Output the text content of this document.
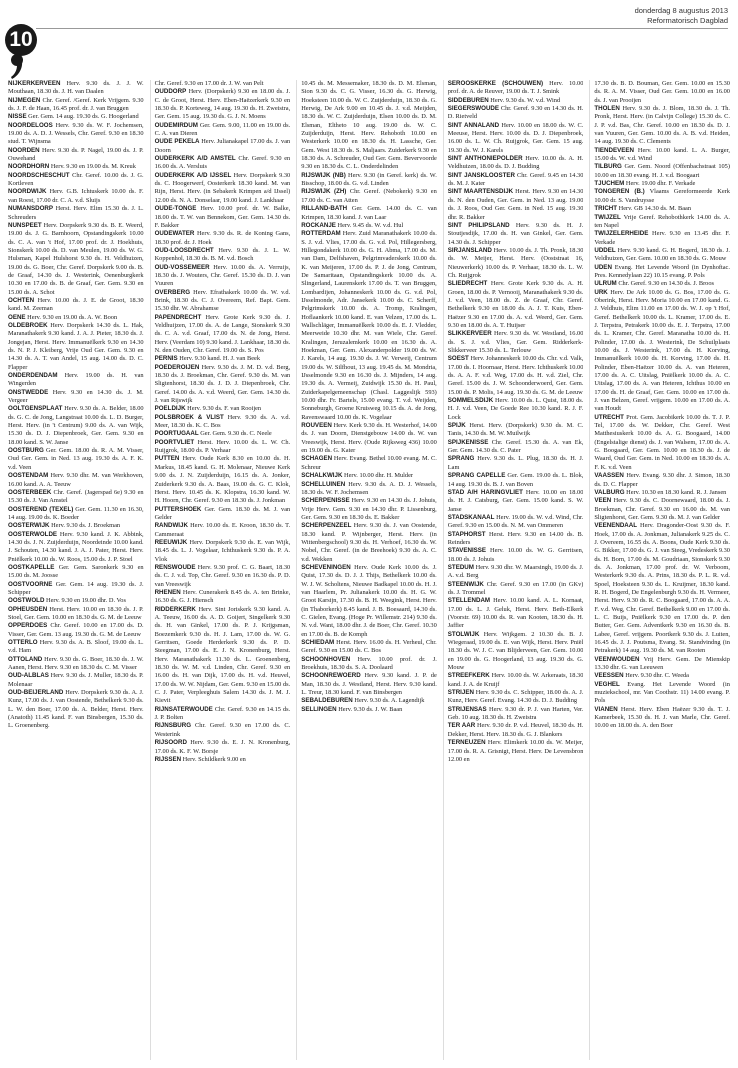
10
donderdag 8 augustus 2013
Reformatorisch Dagblad
NIJKERKERVEEN Herv. 9.30 ds. J. J. W. Mouthaan, 18.30 ds. J. H. van Daalen
NIJMEGEN Chr. Geref. /Geref. Kerk Vrijgem. 9.30 ds. J. F. de Haan, 16.45 prof. dr. J. van Bruggen
NISSE Ger. Gem. 14 aug. 19.30 ds. G. Hoogerland
NOORDELOOS Herv. 9.30 ds. W. F. Jochemsen, 19.00 ds. A. D. J. Wessels, Chr. Geref. 9.30 en 18.30 stud. T. Wijnsma
NOORDEN Herv. 9.30 ds. P. Nagel, 19.00 ds. J. P. Ouwehand
NOORDHORN Herv. 9.30 en 19.00 ds. M. Kreuk
NOORDSCHESCHUT Chr. Geref. 10.00 ds. J. G. Kortleven
NOORDWIJK Herv. G.B. Ichtuskerk 10.00 ds. F. van Roest, 17.00 dr. C. A. v.d. Sluijs
NUMANSDORP Herst. Herv. Elim 15.30 ds. J. L. Schreuders
NUNSPEET Herv. Dorpskerk 9.30 ds. B. E. Weerd, 19.00 ds. J. G. Barnhoorn, Opstandingskerk 10.00 ds. C. A. van 't Hof, 17.00 prof. dr. J. Hoekhuis, Sionskerk 10.00 ds. D. van Meulen, 19.00 ds. W. G. Hulsman, Kapel Hulshorst 9.30 ds. H. Veldhuizen, 19.00 ds. G. Boer, Chr. Geref. Dorpskerk 9.00 ds. B. de Graaf, 14.30 ds. J. Westerink, Oenenburgkerk 10.30 en 17.00 ds. B. de Graaf, Ger. Gem. 9.30 en 15.00 ds. A. Schot
OCHTEN Herv. 10.00 ds. J. E. de Groot, 18.30 kand. M. Zeeman
OENE Herv. 9.30 en 19.00 ds. A. W. Boon
OLDEBROEK Herv. Dorpskerk 14.30 ds. L. Hak, Maranathakerk 9.30 kand. J. A. J. Pieter, 18.30 ds. J. Jongejan, Herst. Herv. Immanuëlkerk 9.30 en 14.30 ds. N. P. J. Kleiberg, Vrije Oud Ger. Gem. 9.30 en 14.30 ds. A. T. van Andel, 15 aug. 14.00 ds. D. C. Flapper
ONDERDENDAM Herv. 19.00 ds. H. van Wingerden
ONSTWEDDE Herv. 9.30 en 14.30 ds. J. M. Vergeer
OOLTGENSPLAAT Herv. 9.30 ds. A. Belder, 18.00 ds. G. C. de Jong, Langstraat 10.00 ds. L. D. Burger, Herst. Herv. (in 't Centrum) 9.00 ds. A. van Wijk, 15.30 ds. D. J. Diepenbroek, Ger. Gem. 9.30 en 18.00 kand. S. W. Janse
OOSTBURG Ger. Gem. 18.00 ds. R. A. M. Visser, Oud Ger. Gem. in Ned. 13 aug. 19.30 ds. A. F. K. v.d. Veen
OOSTENDAM Herv. 9.30 dhr. M. van Werkhoven, 16.00 kand. A. A. Teeuw
OOSTERBEEK Chr. Geref. (Jagerspad 6e) 9.30 en 15.30 ds. J. Van Amstel
OOSTEREND (TEXEL) Ger. Gem. 11.30 en 16.30, 14 aug. 19.00 ds. K. Boeder
OOSTERWIJK Herv. 9.30 ds. J. Broekman
OOSTERWOLDE Herv. 9.30 kand. J. K. Abbink, 14.30 ds. J. N. Zuijderduijn, Noordeinde 10.00 kand. J. Schouten, 14.30 kand. J. A. J. Pater, Herst. Herv. Pniëlkerk 10.00 ds. W. Roos, 15.00 ds. J. P. Stoel
OOSTKAPELLE Ger. Gem. Saronkerk 9.30 en 15.00 ds. M. Joosse
OOSTVOORNE Ger. Gem. 14 aug. 19.30 ds. J. Schipper
OOSTWOLD Herv. 9.30 en 19.00 dhr. D. Vos
OPHEUSDEN Herst. Herv. 10.00 en 18.30 ds. J. P. Stoel, Ger. Gem. 10.00 en 18.30 ds. G. M. de Leeuw
OPPERDOES Chr. Geref. 10.00 en 17.00 ds. D. Visser, Ger. Gem. 13 aug. 19.30 ds. G. M. de Leeuw
OTTERLO Herv. 9.30 ds. A. B. Sloof, 19.00 ds. L. v.d. Ham
OTTOLAND Herv. 9.30 ds. G. Boer, 18.30 ds. J. W. Aanen, Herst. Herv. 9.30 en 18.30 ds. C. M. Visser
OUD-ALBLAS Herv. 9.30 ds. J. Muller, 18.30 ds. P. Molenaar
OUD-BEIJERLAND Herv. Dorpskerk 9.30 ds. A. J. Kunz, 17.00 ds. J. van Oostende, Bethelkerk 9.30 ds. L. W. den Boer, 17.00 ds. A. Belder, Herst. Herv. (Anatoth) 11.45 kand. F. van Binsbergen, 15.30 ds. L. Groenenberg.
Chr. Geref. 9.30 en 17.00 dr. J. W. van Pelt
OUDDORP Herv. (Dorpskerk) 9.30 en 18.00 ds. J. C. de Groot, Herst. Herv. Eben-Haëzerkerk 9.30 en 18.30 ds. P. Korteweg, 14 aug. 19.30 ds. H. Zweistra, Ger. Gem. 15 aug. 19.30 ds. G. J. N. Moens
OUDEMIRDUM Ger. Gem. 9.00, 11.00 en 19.00 ds. C. A. van Dieren
OUDE PEKELA Herv. Julianakapel 17.00 ds. J. van Doorn
OUDERKERK A/D AMSTEL Chr. Geref. 9.30 en 16.00 ds. A. Versluis
OUDERKERK A/D IJSSEL Herv. Dorpskerk 9.30 ds. C. Hoogerwerf, Oosterkerk 18.30 kand. M. van Rijn, Herst. Herv. (in Sebakerk Krimpen a/d IJssel) 12.00 ds. N. A. Donselaar, 19.00 kand. J. Lankhaar
OUDE-TONGE Herv. 10.00 prof. dr. W. Balke, 18.00 ds. T. W. van Bennekom, Ger. Gem. 14.30 ds. F. Bakker
OUDEWATER Herv. 9.30 ds. R. de Koning Gans, 18.30 prof. dr. J. Hoek
OUD-LOOSDRECHT Herv. 9.30 ds. J. L. W. Koppenhol, 18.30 ds. B. M. v.d. Bosch
OUD-VOSSEMEER Herv. 10.00 ds. A. Verruijs, 18.30 ds. J. Wouters, Chr. Geref. 15.30 ds. D. J. van Vuuren
OVERBERG Herv. Efrathakerk 10.00 ds. W. v.d. Brink, 18.30 ds. C. J. Overeem, Ref. Bapt. Gem. 15.30 dhr. W. Abrahamse
PAPENDRECHT Herv. Grote Kerk 9.30 ds. J. Veldhuijzen, 17.00 ds. A. de Lange, Sionskerk 9.30 ds. C. A. v.d. Graaf, 17.00 ds. N. de Jong, Herst. Herv. (Veerdam 10) 9.30 kand. J. Lankhaar, 18.30 ds. N. den Ouden, Chr. Geref. 19.00 ds. S. Pos
PERNIS Herv. 9.30 kand. H. J. van Beek
POEDEROIJEN Herv. 9.30 ds. J. M. D. v.d. Berg, 18.30 ds. J. Broekman, Chr. Geref. 9.30 ds. M. van Sligtenhorst, 18.30 ds. J. D. J. Diepenbroek, Chr. Geref. 14.00 ds. A. v.d. Weerd, Ger. Gem. 14.30 ds. J. van Rijswijk
POELDIJK Herv. 9.30 ds. F. van Rooijen
POLSBROEK & VLIST Herv. 9.30 ds. A. v.d. Meer, 18.30 ds. K. C. Bos
POORTUGAAL Ger. Gem. 9.30 ds. C. Neele
POORTVLIET Herst. Herv. 10.00 ds. L. W. Ch. Ruijgrok, 18.00 ds. P. Verhaar
PUTTEN Herv. Oude Kerk 8.30 en 10.00 ds. H. Markus, 18.45 kand. G. H. Molenaar, Nieuwe Kerk 9.00 ds. J. N. Zuijderduijn, 16.15 ds. A. Jonker, Zuiderkerk 9.30 ds. A. Baas, 19.00 ds. G. C. Klok, Herst. Herv. 10.45 ds. K. Klopstra, 16.30 kand. W. H. Hoorn, Chr. Geref. 9.30 en 18.30 ds. J. Jonkman
PUTTERSHOEK Ger. Gem. 18.30 ds. M. J. van Gelder
RANDWIJK Herv. 10.00 ds. E. Kroon, 18.30 ds. T. Cammeraat
REEUWIJK Herv. Dorpskerk 9.30 ds. E. van Wijk, 18.45 ds. L. J. Vogelaar, Ichthuskerk 9.30 ds. P. A. Vlok
RENSWOUDE Herv. 9.30 prof. C. G. Baart, 18.30 ds. C. J. v.d. Top, Chr. Geref. 9.30 en 16.30 ds. P. D. van Vreeswijk
RHENEN Herv. Cunerakerk 8.45 ds. A. ten Brinke, 16.30 ds. G. J. Hiensch
RIDDERKERK Herv. Sint Joriskerk 9.30 kand. A. A. Teeuw, 16.00 ds. A. D. Goijert, Singelkerk 9.30 ds. H. van Ginkel, 17.00 ds. P. J. Krijgsman, Boezemkerk 9.30 ds. H. J. Lam, 17.00 ds. W. G. Gerritsen, Goede Herderkerk 9.30 ds. P. D. Steegman, 17.00 ds. E. J. N. Kronenburg, Herst. Herv. Maranathakerk 11.30 ds. L. Groenenberg, 18.30 ds. W. M. v.d. Linden, Chr. Geref. 9.30 en 16.00 ds. H. van Dijk, 17.00 ds. H. v.d. Heuvel, 17.00 ds. W. W. Nijdam, Ger. Gem. 9.30 en 15.00 ds. C. J. Pater, Verpleeghuis Salem 14.30 ds. J. M. J. Kievit
RIJNSATERWOUDE Chr. Geref. 9.30 en 14.15 ds. J. P. Bolten
RIJNSBURG Chr. Geref. 9.30 en 17.00 ds. C. Westerink
RIJSOORD Herv. 9.30 ds. E. J. N. Kronenburg, 17.00 ds. K. F. W. Borsje
RIJSSEN Herv. Schildkerk 9.00 en
10.45 ds. M. Messemaker, 18.30 ds. D. M. Elsman, Sion 9.30 ds. C. G. Visser, 16.30 ds. G. Herwig, Hoeksteen 10.00 ds. W. C. Zuijderduijn, 18.30 ds. G. Herwig, De Ark 9.00 en 10.45 ds. J. v.d. Meijden, 18.30 ds. W. C. Zuijderduijn, Elsen 10.00 ds. D. M. Elsman, Eltheto 10 aug. 19.00 ds. W. C. Zuijderduijn, Herst. Herv. Rehoboth 10.00 en Westerkerk 10.00 en 18.30 ds. H. Lassche, Ger. Gem. West 18.30 ds. S. Maljaars. Zuiderkerk 9.30 en 18.30 ds. A. Schreuder, Oud Ger. Gem. Bevervoorde 9.30 en 18.30 ds. C. L. Onderdelinden
RIJSWIJK (NB) Herv. 9.30 (in Geref. kerk) ds. W. Bisschop, 18.00 ds. G. v.d. Linden
RIJSWIJK (ZH) Chr. Geref. (Nebokerk) 9.30 en 17.00 ds. C. van Atten
RILLAND-BATH Ger. Gem. 14.00 ds. C. van Krimpen, 18.30 kand. J. van Laar
ROCKANJE Herv. 9.45 ds. W. v.d. Hul
ROTTERDAM Herv. Zuid Maranathakerk 10.00 ds. S. J. v.d. Vlies, 17.00 ds. G. v.d. Pol, Hillegersberg, Hillegondakerk 10.00 ds. G. H. Abma, 17.00 ds. M. van Dam, Delfshaven, Pelgrimvaderskerk 10.00 ds. K. van Meijeren, 17.00 ds. P. J. de Jong, Centrum, De Samaritaan, Opstandingskerk 10.00 ds. A. Slingerland, Laurenskerk 17.00 ds. T. van Bruggen, Lombardijen, Johanneskerk 10.00 ds. G. v.d. Pol, IJsselmonde, Adr. Jansekerk 10.00 ds. C. Scherff, Pelgrimskerk 10.00 ds. A. Tromp, Kralingen, Hoflaankerk 10.00 kand. E. van Velzen, 17.00 ds. L. Wallschläger, Immanuëlkerk 10.00 ds. E. J. Vledder, Meerweide 10.30 dhr. M. van Wiele, Chr. Geref. Kralingen, Jeruzalemkerk 10.00 en 16.30 ds. A. Hoekman, Ger. Gem. Alexanderpolder 19.00 ds. W. J. Karels, 14 aug. 19.30 ds. J. W. Verweij, Centrum 19.00 ds. W. Silfhout, 13 aug. 19.45 ds. M. Mondria, IJsselmonde 9.30 en 16.30 ds. J. Mijnders, 14 aug. 19.30 ds. A. Vermeij, Zuidwijk 15.30 ds. H. Paul, Zuiderkapelgemeenschap (Chasl. Laggeslijk 593) 10.00 dhr. Fr. Bartels, 15.00 evang. T. v.d. Weijden, Sonneburgh, Groene Kruisweg 10.15 ds. A. de Jong, Ravenswaard 10.00 ds. K. Vogelaar
ROUVEEN Herv. Kerk 9.30 ds. H. Westerhof, 14.00 ds. J. van Doorn, Dienstgebouw 14.00 ds. W. van Vreeswijk, Herst. Herv. (Oude Rijksweg 436) 10.00 en 19.00 ds. G. Kater
SCHAGEN Herv. Evang. Bethel 10.00 evang. M. C. Schreur
SCHALKWIJK Herv. 10.00 dhr. H. Mulder
SCHELLUINEN Herv. 9.30 ds. A. D. J. Wessels, 18.30 ds. W. F. Jochemsen
SCHERPENISSE Herv. 9.30 en 14.30 ds. J. Johuis, Vrije Herv. Gem. 9.30 en 14.30 dhr. P. Lissenburg, Ger. Gem. 9.30 en 18.30 ds. E. Bakker
SCHERPENZEEL Herv. 9.30 ds. J. van Oostende, 18.30 kand. P. Wijnberger, Herst. Herv. (in Wittenbergschool) 9.30 ds. H. Verhoef, 16.30 ds. W. Nobel, Chr. Geref. (in de Breehoek) 9.30 ds. A. C. v.d. Wekken
SCHEVENINGEN Herv. Oude Kerk 10.00 ds. J. Quist, 17.30 ds. D. J. J. Thijs, Bethelkerk 10.00 ds. W. J. W. Scholtens, Nieuwe Badkapel 10.00 ds. H. J. van Haarlem, Pr. Julianakerk 10.00 ds. H. G. W. Groot Karsijn, 17.30 ds. B. H. Weegink, Herst. Herv. (in Thaborkerk) 8.45 kand. J. B. Boesaard, 14.30 ds. C. Gielen, Evang. (Hoge Pr. Willemstr. 214) 9.30 ds. N. v.d. Want, 18.00 dhr. J. de Boer, Chr. Geref. 10.30 en 17.00 ds. B. de Komph
SCHIEDAM Herst. Herv. 16.00 ds. H. Verheul, Chr. Geref. 9.30 en 15.00 ds. C. Bos
SCHOONHOVEN Herv. 10.00 prof. dr. J. Broekhuis, 18.30 ds. S. A. Doolaard
SCHOONREWOERD Herv. 9.30 kand. J. P. de Man, 18.30 ds. J. Westland, Herst. Herv. 9.30 kand. L. Treur, 18.30 kand. F. van Binsbergen
SEBALDEBUREN Herv. 9.30 ds. A. Lagendijk
SELLINGEN Herv. 9.30 ds. J. W. Baan
SEROOSKERKE (SCHOUWEN) Herv. 10.00 prof. dr. A. de Reuver, 19.00 ds. T. J. Smink
SIDDEBUREN Herv. 9.30 ds. W. v.d. Wind
SIEGERSWOUDE Chr. Geref. 9.30 en 14.30 ds. H. D. Rietveld
SINT ANNALAND Herv. 10.00 en 18.00 ds. W. C. Meeuse, Herst. Herv. 10.00 ds. D. J. Diepenbroek, 16.00 ds. L. W. Ch. Ruijgrok, Ger. Gem. 15 aug. 19.30 ds. W. J. Karels
SINT ANTHONIEPOLDER Herv. 10.00 ds. A. H. Veldhuizen, 18.00 ds. D. J. Budding
SINT JANSKLOOSTER Chr. Geref. 9.45 en 14.30 ds. M. J. Kater
SINT MAARTENSDIJK Herst. Herv. 9.30 en 14.30 ds. N. den Ouden, Ger. Gem. in Ned. 13 aug. 19.00 ds. J. Roos, Oud Ger. Gem. in Ned. 15 aug. 19.30 dhr. R. Bakker
SINT PHILIPSLAND Herv. 9.30 ds. H. J. Stoutjesdijk, 17.00 ds. H. van Ginkel, Ger. Gem. 14.30 ds. J. Schipper
SIRJANSLAND Herv. 10.00 ds. J. Th. Pronk, 18.30 ds. W. Meijer, Herst. Herv. (Ooststraat 16, Nieuwerkerk) 10.00 ds. P. Verhaar, 18.30 ds. L. W. Ch. Ruijgrok
SLIEDRECHT Herv. Grote Kerk 9.30 ds. A. H. Groen, 18.00 ds. P. Vernooij, Maranathakerk 9.30 ds. J. v.d. Veen, 18.00 ds. Z. de Graaf, Chr. Geref. Bethelkerk 9.30 en 18.00 ds. A. J. T. Kuis, Eben-Haëzer 9.30 en 17.00 ds. A. v.d. Weerd, Ger. Gem. 9.30 en 18.00 ds. A. T. Huijser
SLIKKERVEER Herv. 9.30 ds. W. Westland, 16.00 ds. S. J. v.d. Vlies, Ger. Gem. Ridderkerk-Slikkerveer 15.30 ds. L. Terlouw
SOEST Herv. Johanneskerk 10.00 ds. Chr. v.d. Valk, 17.00 ds. I. Hoornaar, Herst. Herv. Ichthuskerk 10.00 ds. A. A. F. v.d. Weg, 17.00 ds. H. v.d. Ziel, Chr. Geref. 15.00 ds. J. W. Schoonderwoerd, Ger. Gem. 15.00 ds. P. Molis, 14 aug. 19.30 ds. G. M. de Leeuw
SOMMELSDIJK Herv. 10.00 ds. L. Quist, 18.00 ds. H. J. v.d. Veen, De Goede Ree 10.30 kand. R. J. F. Lock
SPIJK Herst. Herv. (Dorpskerk) 9.30 ds. M. C. Tanis, 14.30 ds. M. W. Muilwijk
SPIJKENISSE Chr. Geref. 15.30 ds. A. van Ek, Ger. Gem. 14.30 ds. C. Pater
SPRANG Herv. 9.30 ds. L. Plug, 18.30 ds. H. J. Lam
SPRANG CAPELLE Ger. Gem. 19.00 ds. L. Blok, 14 aug. 19.30 ds. B. J. van Boven
STAD A/H HARINGVLIET Herv. 10.00 en 18.00 ds. H. J. Catsburg, Ger. Gem. 15.00 kand. S. W. Janse
STADSKANAAL Herv. 19.00 ds. W. v.d. Wind, Chr. Geref. 9.30 en 15.00 ds. N. M. van Ommeren
STAPHORST Herst. Herv. 9.30 en 14.00 ds. B. Reinders
STAVENISSE Herv. 10.00 ds. W. G. Gerritsen, 18.00 ds. J. Johuis
STEDUM Herv. 9.30 dhr. W. Maarsingh, 19.00 ds. J. A. v.d. Berg
STEENWIJK Chr. Geref. 9.30 en 17.00 (in GKv) ds. J. Trommel
STELLENDAM Herv. 10.00 kand. A. L. Kornaat, 17.00 ds. L. J. Geluk, Herst. Herv. Beth-Elkerk (Voorstr. 69) 10.00 ds. R. van Kooten, 18.30 ds. H. Jaffier
STOLWIJK Herv. Wijkgem. 2 10.30 ds. B. J. Wiegeraad, 19.00 ds. E. van Wijk, Herst. Herv. Pniël 18.30 ds. W. J. C. van Blijderveen, Ger. Gem. 10.00 en 19.00 ds. G. Hoogerland, 13 aug. 19.30 ds. G. Mouw
STREEFKERK Herv. 10.00 ds. W. Arkeraats, 18.30 kand. J. A. de Kruijf
STRIJEN Herv. 9.30 ds. C. Schipper, 18.00 ds. A. J. Kunz, Herv. Geref. Evang. 14.30 ds. D. J. Budding
STRIJENSAS Herv. 9.30 dr. P. J. van Harten, Ver. Geb. 10 aug. 18.30 ds. H. Zweistra
TER AAR Herv. 9.30 dr. P. v.d. Heuvel, 18.30 ds. H. Dekker, Herst. Herv. 18.30 ds. G. J. Blankers
TERNEUZEN Herv. Elimkerk 10.00 ds. W. Meijer, 17.00 ds. R. A. Grisnigt, Herst. Herv. De Levensbron 12.00 en
17.30 ds. B. D. Bouman, Ger. Gem. 10.00 en 15.30 ds. R. A. M. Visser, Oud Ger. Gem. 10.00 en 16.00 ds. J. van Prooijen
THOLEN Herv. 9.30 ds. J. Blom, 18.30 ds. J. Th. Pronk, Herst. Herv. (in Calvijn College) 15.30 ds. C. J. P. v.d. Bas, Chr. Geref. 10.00 en 18.30 ds. D. J. van Vuuren, Ger. Gem. 10.00 ds. A. B. v.d. Heiden, 14 aug. 19.30 ds. C. Clements
TIENDEVEEN Herv. 10.00 kand. L. A. Burger, 15.00 ds. W. v.d. Wind
TILBURG Ger. Gem. Noord (Offenbachstraat 105) 10.00 en 18.30 evang. H. J. v.d. Boogaart
TJUCHEM Herv. 19.00 dhr. F. Verkade
TONGEREN (B.) Vlaams Gereformeerde Kerk 10.00 dr. S. Vandruysse
TRICHT Herv. GB 14.30 ds. M. Baan
TWIJZEL Vrije Geref. Rehobothkerk 14.00 ds. A. ten Napel
TWIJZELERHEIDE Herv. 9.30 en 13.45 dhr. F. Verkade
UDDEL Herv. 9.30 kand. G. H. Bogerd, 18.30 ds. J. Veldhuizen, Ger. Gem. 10.00 en 18.30 ds. G. Mouw
UDEN Evang. Het Levende Woord (in Dynhoftac. Pres. Kennedylaan 22) 10.15 evang. P. Pols
ULRUM Chr. Geref. 9.30 en 14.30 ds. J. Broos
URK Herv. De Ark 10.00 ds. G. Bos, 17.00 ds. G. Oberink, Herst. Herv. Moria 10.00 en 17.00 kand. G. J. Veldhuis, Elim 11.00 en 17.00 ds. W. J. op 't Hof, Geref. Bethelkerk 10.00 ds. L. Kramer, 17.00 ds. E. J. Terpstra, Petrakerk 10.00 ds. E. J. Terpstra, 17.00 ds. L. Kramer, Chr. Geref. Maranatha 10.00 ds. H. Polinder, 17.00 ds. J. Westerink, De Schuilplaats 10.00 ds. J. Westerink, 17.00 ds. H. Korving, Immanuëlkerk 10.00 ds. H. Korving, 17.00 ds. H. Polinder, Eben-Haëzer 10.00 ds. A. van Heteren, 17.00 ds. A. C. Uitslag, Pniëlkerk 10.00 ds. A. C. Uitslag, 17.00 ds. A. van Heteren, Ichthus 10.00 en 17.00 ds. H. de Graaf, Ger. Gem. 10.00 en 17.00 ds. J. van Belzen, Geref. vrijgem. 10.00 en 17.00 ds. A. van Houdt
UTRECHT Prot. Gem. Jacobikerk 10.00 ds. T. J. P. Tel, 17.00 ds. W. Dekker, Chr. Geref. West Matthesiuskerk 10.00 ds. A. G. Boogaard, 14.00 (Engelstalige dienst) ds. J. van Walsem, 17.00 ds. A. G. Boogaard, Ger. Gem. 10.00 en 18.30 ds. J. de Waard, Oud Ger. Gem. in Ned. 10.00 en 18.30 ds. A. F. K. v.d. Veen
VAASSEN Herv. Evang. 9.30 dhr. J. Simon, 18.30 ds. D. C. Flapper
VALBURG Herv. 10.30 en 18.30 kand. R. J. Jansen
VEEN Herv. 9.30 ds. C. Doornewaard, 18.00 ds. J. Broekman, Chr. Geref. 9.30 en 16.00 ds. M. van Sligtenhorst, Ger. Gem. 9.30 ds. M. J. van Gelder
VEENENDAAL Herv. Dragonder-Oost 9.30 ds. F. Hoek, 17.00 ds. A. Jonkman, Julianakerk 9.25 ds. C. J. Overeem, 16.55 ds. A. Boons, Oude Kerk 9.30 ds. G. Bikker, 17.00 ds. G. J. van Steeg, Vredeskerk 9.30 ds. H. Born, 17.00 ds. M. Goudriaan, Sionskerk 9.30 ds. A. Jonkman, 17.00 prof. dr. W. Verboom, Westerkerk 9.30 ds. A. Prins, 18.30 ds. P. L. R. v.d. Spoel, Hoeksteen 9.30 ds. L. Kruijmer, 18.30 kand. R. H. Bogerd, De Engelenburgh 9.30 ds. H. Vermeer, Herst. Herv. 9.30 ds. R. C. Boogaard, 17.00 ds. A. A. F. v.d. Weg, Chr. Geref. Bethelkerk 9.00 en 17.00 ds. L. C. Buijs, Pniëlkerk 9.30 en 17.00 ds. P. den Butter, Ger. Gem. Adventkerk 9.30 en 16.30 ds. B. Labee, Geref. vrijgem. Poortkerk 9.30 ds. J. Luiten, 16.45 ds. J. J. Poutsma, Evang. St. Standvindng (in Petrakerk) 14 aug. 19.30 ds. M. van Rooten
VEENWOUDEN Vrij Herv. Gem. De Mienskip 13.30 dhr. G. van Leeuwen
VEESSEN Herv. 9.30 dhr. C. Weeda
VEGHEL Evang. Het Levende Woord (in muziekschool, mr. Van Coothstr. 11) 14.00 evang. P. Pols
VIANEN Herst. Herv. Eben Haëzer 9.30 ds. T. J. Kamerbeek, 15.30 ds. H. J. van Marle, Chr. Geref. 10.00 en 18.00 ds. A. den Boer
